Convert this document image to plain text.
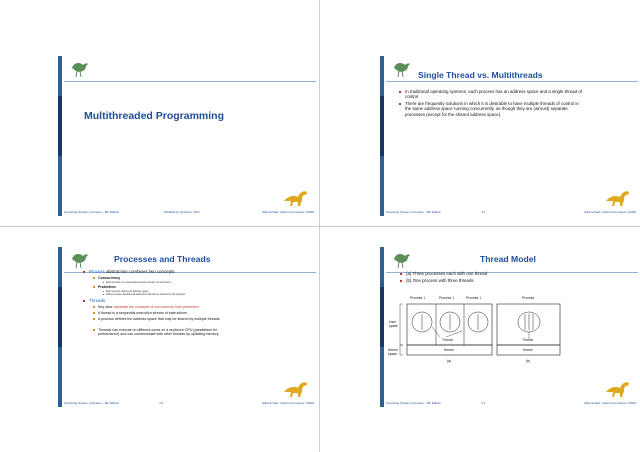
Multithreaded Programming
Operating System Concepts – 8th Edition	Modified by @author, 2017	Silberschatz, Galvin and Gagne ©2009
Single Thread vs. Multithreads
In traditional operating systems, each process has an address space and a single thread of control
There are frequently solutions in which it is desirable to have multiple threads of control in the same address space running concurrently, as though they are (almost) separate processes (except for the shared address space).
Operating System Concepts – 8th Edition	4.2	Silberschatz, Galvin and Gagne ©2009
Processes and Threads
Process abstraction combines two concepts
Concurrency
Each process is a sequential execution stream of instructions
Protection
Each process defines an address space
Address space identifies all addresses that can be touched by the program
Threads
Key idea: separate the concepts of concurrency from protection
A thread is a sequential execution stream of instructions
A process defines the address space that may be shared by multiple threads
Threads can execute on different cores on a multicore CPU (parallelism for performance) and can communicate with other threads by updating memory
Operating System Concepts – 8th Edition	4.3	Silberschatz, Galvin and Gagne ©2009
Thread Model
(a) Three processes each with one thread
(b) One process with three threads
Process 1	Process 1	Process 1	Process
User space
Kernel space
Thread	Thread
Kernel	Kernel
(a)	(b)
Operating System Concepts – 8th Edition	4.4	Silberschatz, Galvin and Gagne ©2009
